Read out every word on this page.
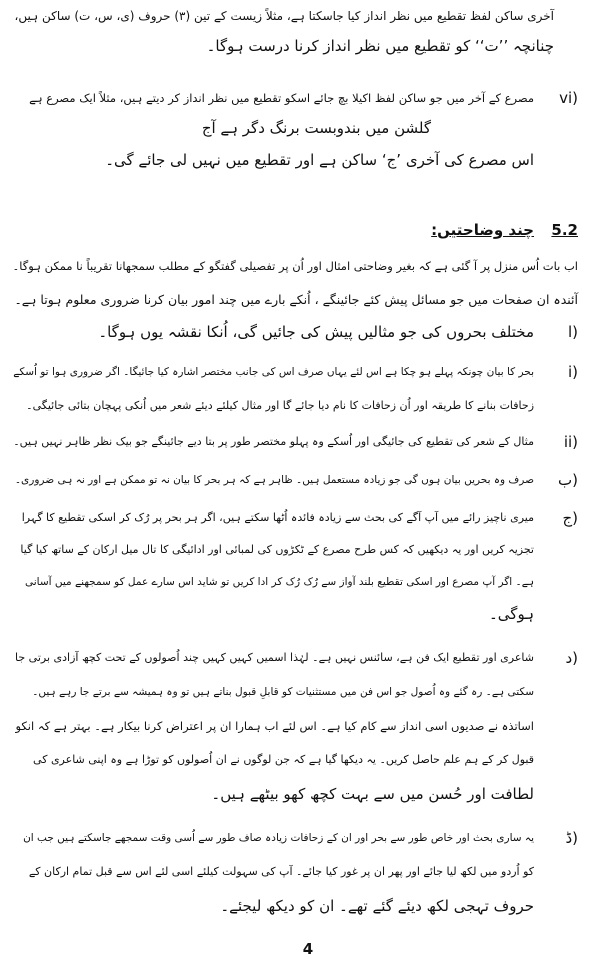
آخری ساکن لفظ تقطیع میں نظر انداز کیا جاسکتا ہے، مثلاً زیست کے تین (۳) حروف (ی، س، ت) ساکن ہیں،
چنانچہ ’’ت‘‘ کو تقطیع میں نظر انداز کرنا درست ہوگا۔
vi)
مصرع کے آخر میں جو ساکن لفظ اکیلا بچ جائے اسکو تقطیع میں نظر انداز کر دیتے ہیں، مثلاً ایک مصرع ہے
گلشن میں بندوبست برنگ دگر ہے آج
اس مصرع کی آخری ’ج‘ ساکن ہے اور تقطیع میں نہیں لی جائے گی۔
5.2
چند وضاحتیں:
اب بات اُس منزل پر آ گئی ہے کہ بغیر وضاحتی امثال اور اُن پر تفصیلی گفتگو کے مطلب سمجھانا تقریباً نا ممکن ہوگا۔
آئندہ ان صفحات میں جو مسائل پیش کئے جائینگے ، اُنکے بارے میں چند امور بیان کرنا ضروری معلوم ہوتا ہے۔
ا)
مختلف بحروں کی جو مثالیں پیش کی جائیں گی، اُنکا نقشہ یوں ہوگا۔
i)
بحر کا بیان چونکہ پہلے ہو چکا ہے اس لئے یہاں صرف اس کی جانب مختصر اشارہ کیا جائیگا۔ اگر ضروری ہوا تو اُسکے
زحافات بنانے کا طریقہ اور اُن زحافات کا نام دیا جائے گا اور مثال کیلئے دیئے شعر میں اُنکی پہچان بتائی جائیگی۔
ii)
مثال کے شعر کی تقطیع کی جائیگی اور اُسکے وہ پہلو مختصر طور پر بتا دیے جائینگے جو بیک نظر ظاہر نہیں ہیں۔
ب)
صرف وہ بحریں بیان ہوں گی جو زیادہ مستعمل ہیں۔ ظاہر ہے کہ ہر بحر کا بیان نہ تو ممکن ہے اور نہ ہی ضروری۔
ج)
میری ناچیز رائے میں آپ آگے کی بحث سے زیادہ فائدہ اُٹھا سکتے ہیں، اگر ہر بحر پر رُک کر اسکی تقطیع کا گہرا
تجزیہ کریں اور یہ دیکھیں کہ کس طرح مصرع کے ٹکڑوں کی لمبائی اور ادائیگی کا تال میل ارکان کے ساتھ کیا گیا
ہے۔ اگر آپ مصرع اور اسکی تقطیع بلند آواز سے رُک رُک کر ادا کریں تو شاید اس سارے عمل کو سمجھنے میں آسانی
ہوگی۔
د)
شاعری اور تقطیع ایک فن ہے، سائنس نہیں ہے۔ لہٰذا اسمیں کہیں کہیں چند اُصولوں کے تحت کچھ آزادی برتی جا
سکتی ہے۔ رہ گئے وہ اُصول جو اس فن میں مستثنیات کو قابلِ قبول بناتے ہیں تو وہ ہمیشہ سے برتے جا رہے ہیں۔
اساتذہ نے صدیوں اسی انداز سے کام کیا ہے۔ اس لئے اب ہمارا ان پر اعتراض کرنا بیکار ہے۔ بہتر ہے کہ انکو
قبول کر کے ہم علم حاصل کریں۔ یہ دیکھا گیا ہے کہ جن لوگوں نے ان اُصولوں کو توڑا ہے وہ اپنی شاعری کی
لطافت اور حُسن میں سے بہت کچھ کھو بیٹھے ہیں۔
ڈ)
یہ ساری بحث اور خاص طور سے بحر اور ان کے زحافات زیادہ صاف طور سے اُسی وقت سمجھے جاسکتے ہیں جب ان
کو اُردو میں لکھ لیا جائے اور پھر ان پر غور کیا جائے۔ آپ کی سہولت کیلئے اسی لئے اس سے قبل تمام ارکان کے
حروف تہجی لکھ دیئے گئے تھے۔ ان کو دیکھ لیجئے۔
4
